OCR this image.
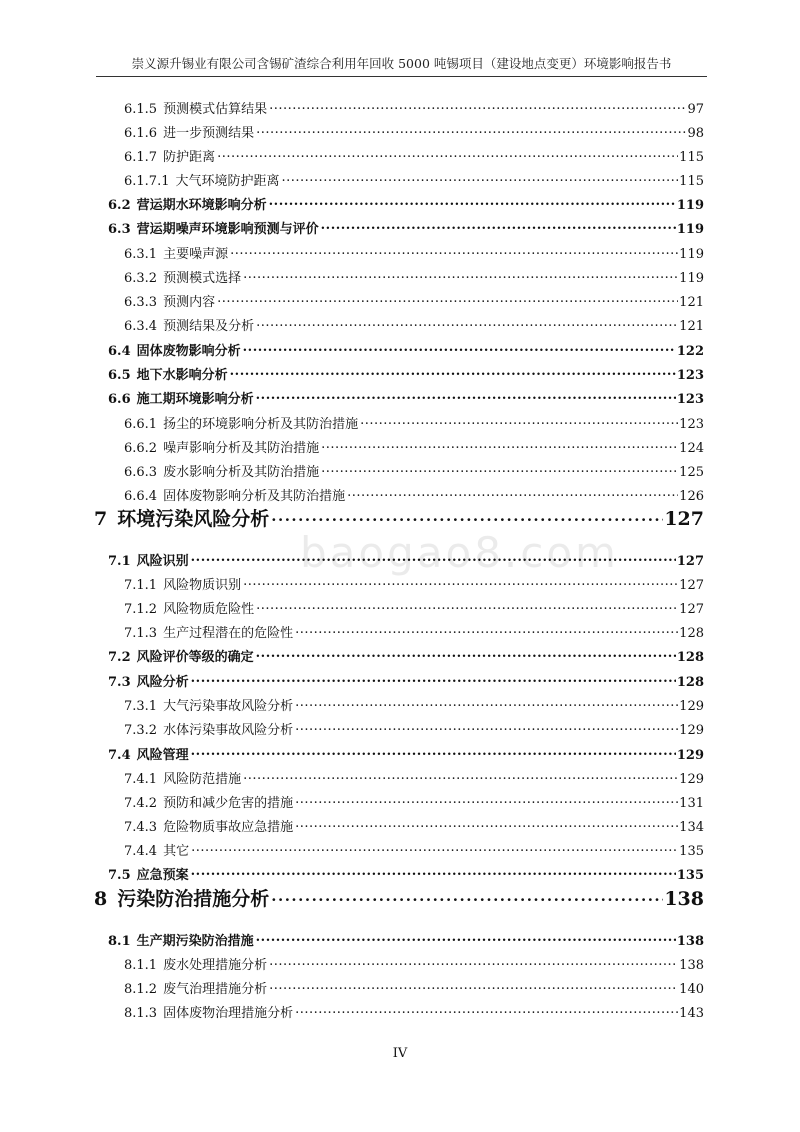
崇义源升锡业有限公司含锡矿渣综合利用年回收 5000 吨锡项目（建设地点变更）环境影响报告书
baogao8.com
6.1.5 预测模式估算结果 .....	97
6.1.6 进一步预测结果 .....	98
6.1.7 防护距离 .....	115
6.1.7.1 大气环境防护距离 .....	115
6.2 营运期水环境影响分析 .....	119
6.3 营运期噪声环境影响预测与评价 .....	119
6.3.1 主要噪声源 .....	119
6.3.2 预测模式选择 .....	119
6.3.3 预测内容 .....	121
6.3.4 预测结果及分析 .....	121
6.4 固体废物影响分析 .....	122
6.5 地下水影响分析 .....	123
6.6 施工期环境影响分析 .....	123
6.6.1 扬尘的环境影响分析及其防治措施 .....	123
6.6.2 噪声影响分析及其防治措施 .....	124
6.6.3 废水影响分析及其防治措施 .....	125
6.6.4 固体废物影响分析及其防治措施 .....	126
7 环境污染风险分析 .....	127
7.1 风险识别 .....	127
7.1.1 风险物质识别 .....	127
7.1.2 风险物质危险性 .....	127
7.1.3 生产过程潜在的危险性 .....	128
7.2 风险评价等级的确定 .....	128
7.3 风险分析 .....	128
7.3.1 大气污染事故风险分析 .....	129
7.3.2 水体污染事故风险分析 .....	129
7.4 风险管理 .....	129
7.4.1 风险防范措施 .....	129
7.4.2 预防和减少危害的措施 .....	131
7.4.3 危险物质事故应急措施 .....	134
7.4.4 其它 .....	135
7.5 应急预案 .....	135
8 污染防治措施分析 .....	138
8.1 生产期污染防治措施 .....	138
8.1.1 废水处理措施分析 .....	138
8.1.2 废气治理措施分析 .....	140
8.1.3 固体废物治理措施分析 .....	143
IV
